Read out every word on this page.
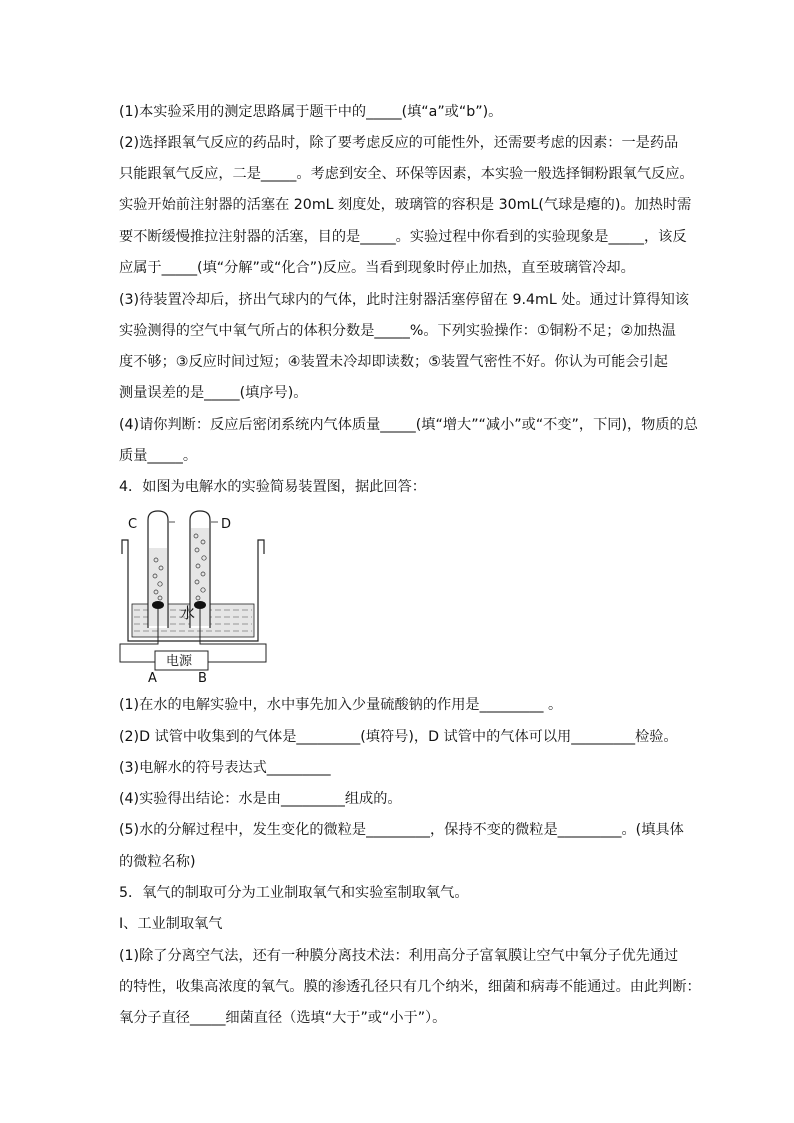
(1)本实验采用的测定思路属于题干中的_____(填“a”或“b”)。
(2)选择跟氧气反应的药品时，除了要考虑反应的可能性外，还需要考虑的因素：一是药品
只能跟氧气反应，二是_____。考虑到安全、环保等因素，本实验一般选择铜粉跟氧气反应。
实验开始前注射器的活塞在 20mL 刻度处，玻璃管的容积是 30mL(气球是瘪的)。加热时需
要不断缓慢推拉注射器的活塞，目的是_____。实验过程中你看到的实验现象是_____，该反
应属于_____(填“分解”或“化合”)反应。当看到现象时停止加热，直至玻璃管冷却。
(3)待装置冷却后，挤出气球内的气体，此时注射器活塞停留在 9.4mL 处。通过计算得知该
实验测得的空气中氧气所占的体积分数是_____%。下列实验操作：①铜粉不足；②加热温
度不够；③反应时间过短；④装置未冷却即读数；⑤装置气密性不好。你认为可能会引起
测量误差的是_____(填序号)。
(4)请你判断：反应后密闭系统内气体质量_____(填“增大”“减小”或“不变”，下同)，物质的总
质量_____。
4．如图为电解水的实验简易装置图，据此回答：
水
C	D
电源
A	B
(1)在水的电解实验中，水中事先加入少量硫酸钠的作用是_________ 。
(2)D 试管中收集到的气体是_________(填符号)，D 试管中的气体可以用_________检验。
(3)电解水的符号表达式_________
(4)实验得出结论：水是由_________组成的。
(5)水的分解过程中，发生变化的微粒是_________，保持不变的微粒是_________。(填具体
的微粒名称)
5．氧气的制取可分为工业制取氧气和实验室制取氧气。
Ⅰ、工业制取氧气
(1)除了分离空气法，还有一种膜分离技术法：利用高分子富氧膜让空气中氧分子优先通过
的特性，收集高浓度的氧气。膜的渗透孔径只有几个纳米，细菌和病毒不能通过。由此判断：
氧分子直径_____细菌直径（选填“大于”或“小于”）。
